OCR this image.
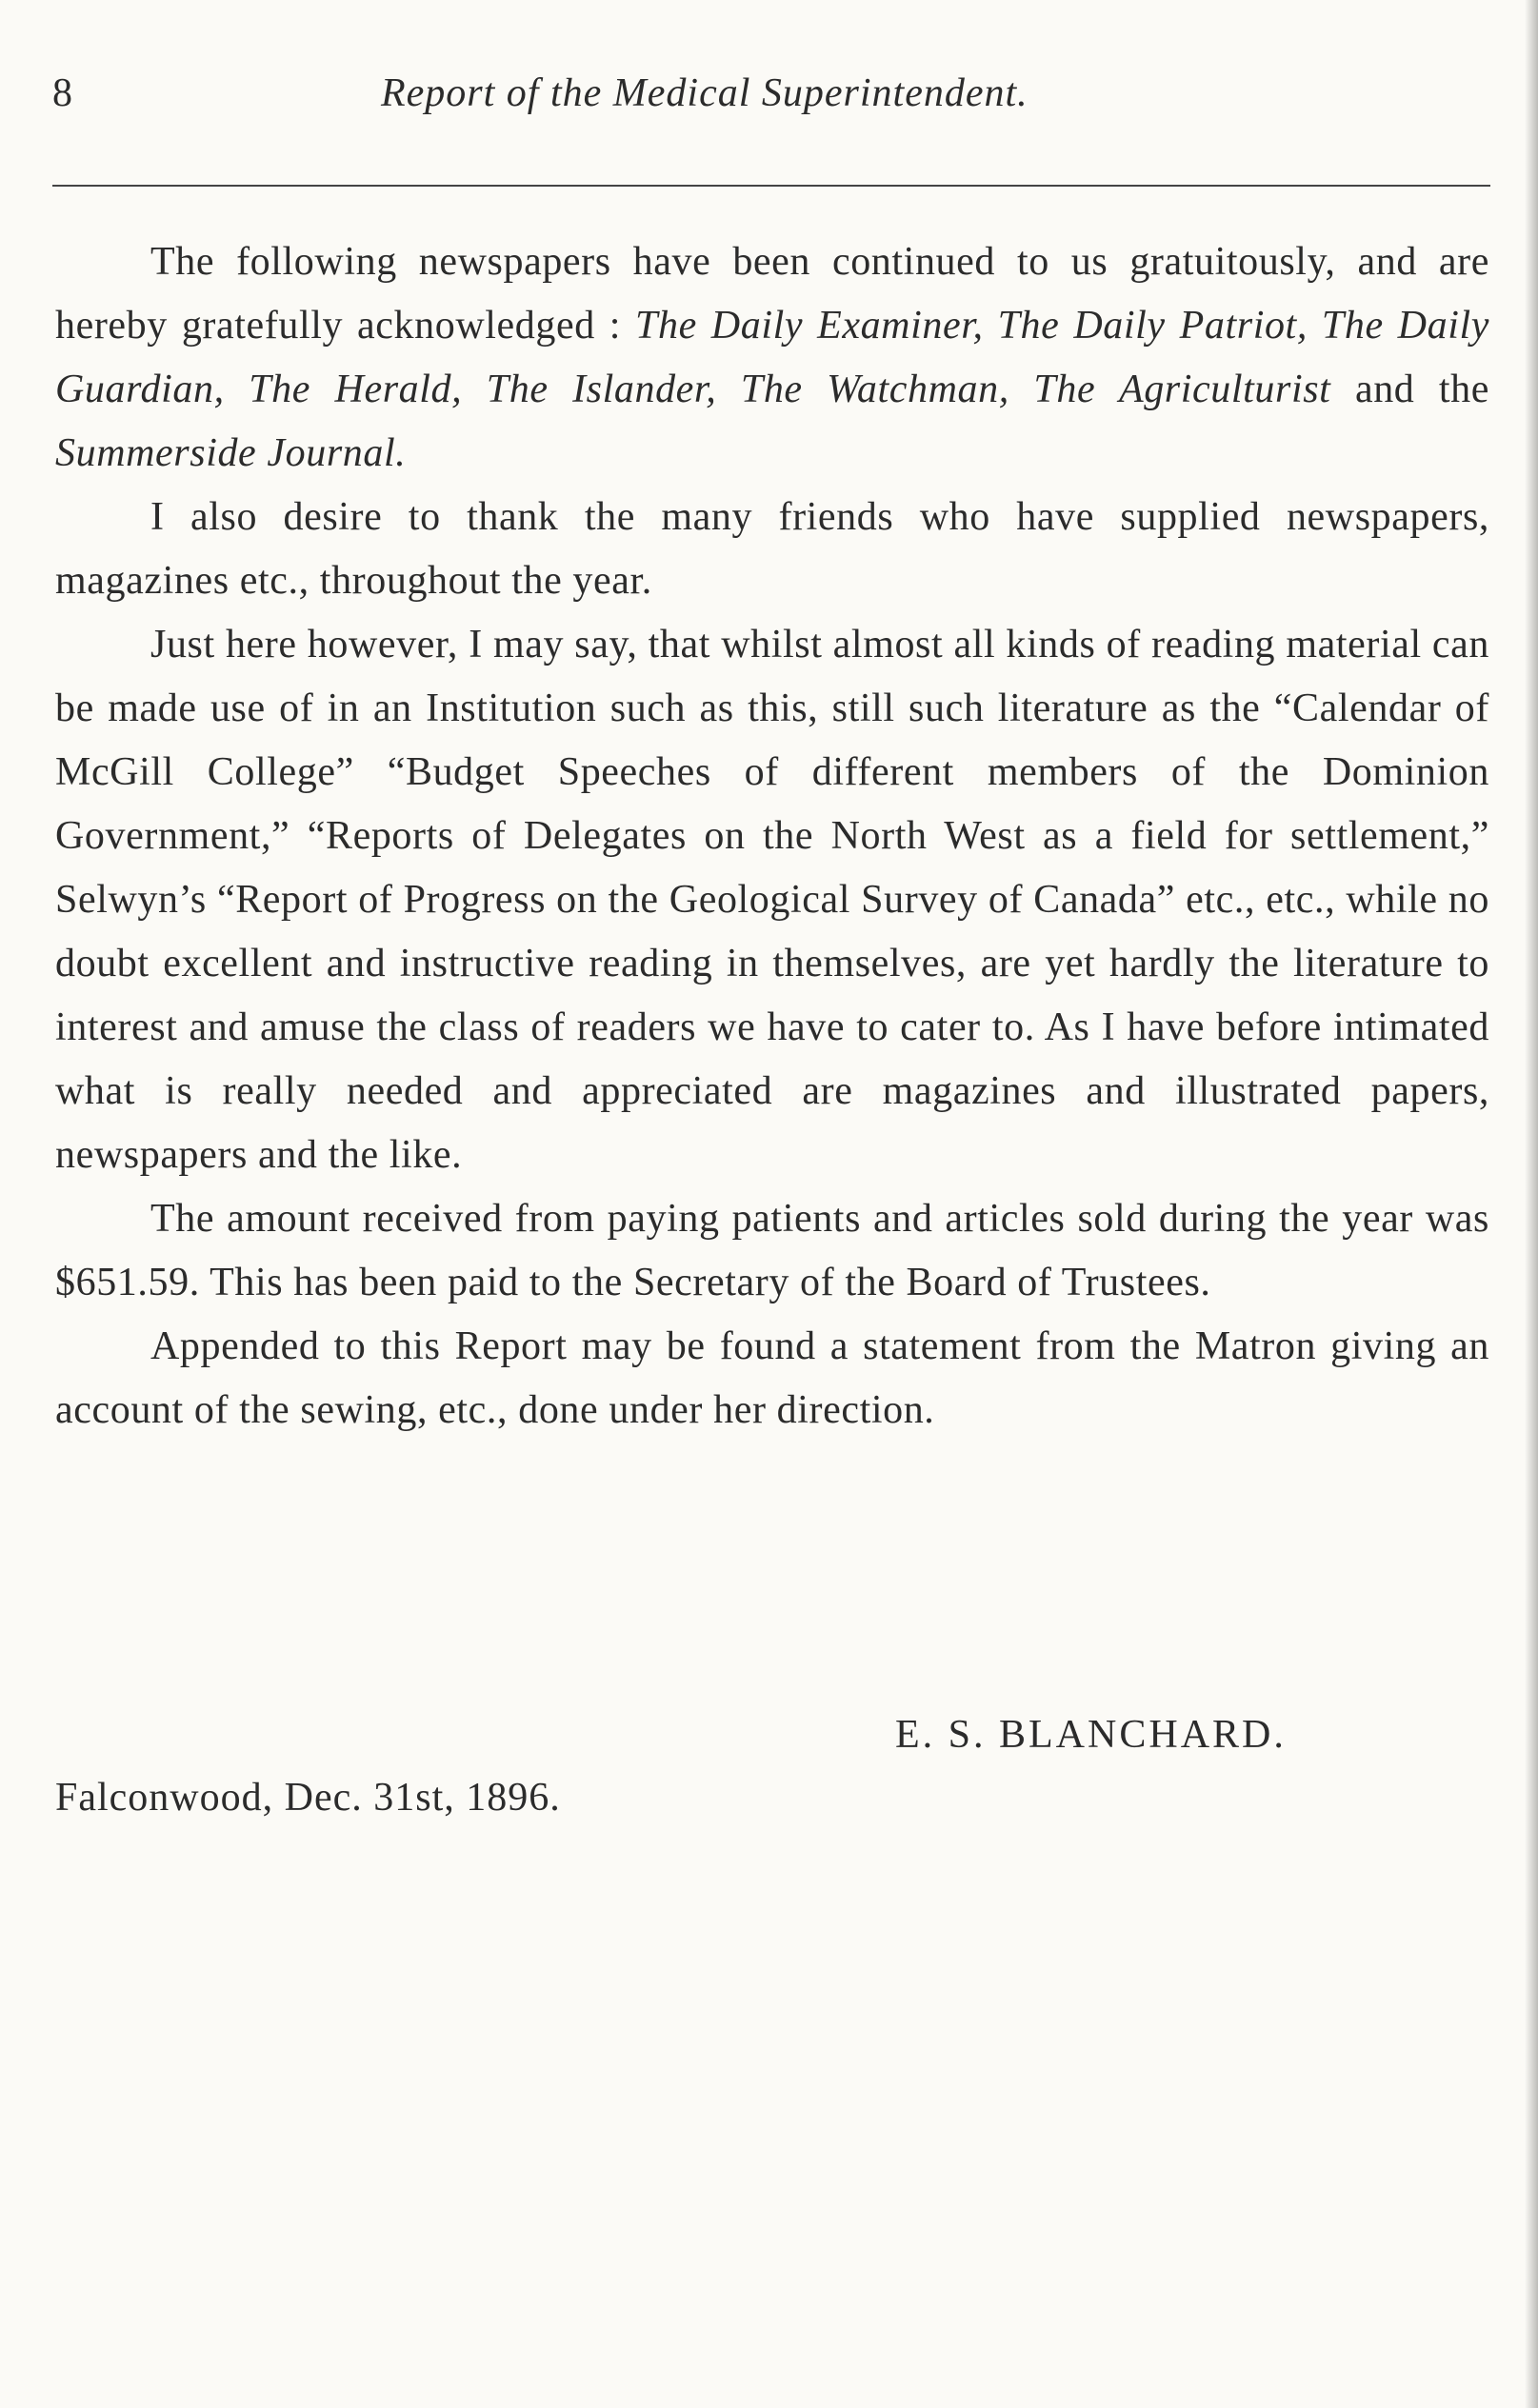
8	Report of the Medical Superintendent.

The following newspapers have been continued to us gratuitously, and are hereby gratefully acknowledged : The Daily Examiner, The Daily Patriot, The Daily Guardian, The Herald, The Islander, The Watchman, The Agriculturist and the Summerside Journal.

I also desire to thank the many friends who have supplied newspapers, magazines etc., throughout the year.

Just here however, I may say, that whilst almost all kinds of reading material can be made use of in an Institution such as this, still such literature as the “Calendar of McGill College” “Budget Speeches of different members of the Dominion Government,” “Reports of Delegates on the North West as a field for settlement,” Selwyn’s “Report of Progress on the Geological Survey of Canada” etc., etc., while no doubt excellent and instructive reading in themselves, are yet hardly the literature to interest and amuse the class of readers we have to cater to. As I have before intimated what is really needed and appreciated are magazines and illustrated papers, newspapers and the like.

The amount received from paying patients and articles sold during the year was $651.59. This has been paid to the Secretary of the Board of Trustees.

Appended to this Report may be found a statement from the Matron giving an account of the sewing, etc., done under her direction.

E. S. BLANCHARD.
Falconwood, Dec. 31st, 1896.
